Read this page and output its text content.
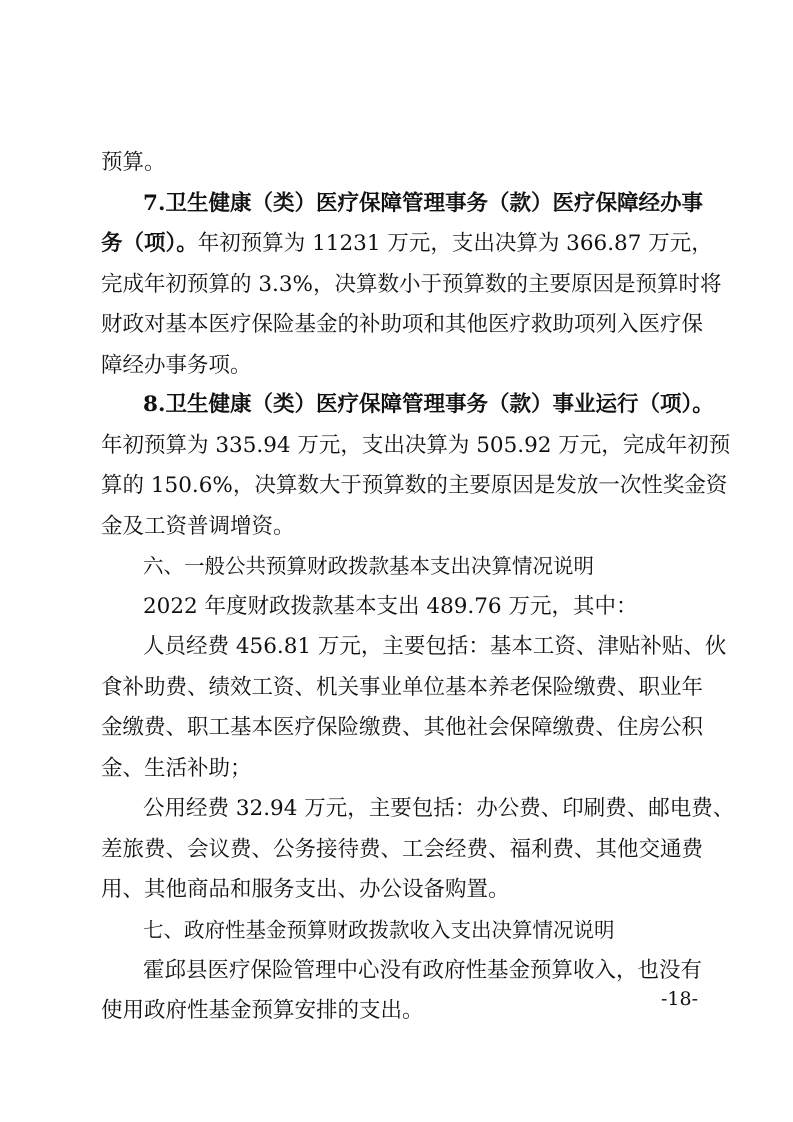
预算。
7.卫生健康（类）医疗保障管理事务（款）医疗保障经办事
务（项）。年初预算为 11231 万元，支出决算为 366.87 万元，
完成年初预算的 3.3%，决算数小于预算数的主要原因是预算时将
财政对基本医疗保险基金的补助项和其他医疗救助项列入医疗保
障经办事务项。
8.卫生健康（类）医疗保障管理事务（款）事业运行（项）。
年初预算为 335.94 万元，支出决算为 505.92 万元，完成年初预
算的 150.6%，决算数大于预算数的主要原因是发放一次性奖金资
金及工资普调增资。
六、一般公共预算财政拨款基本支出决算情况说明
2022 年度财政拨款基本支出 489.76 万元，其中：
人员经费 456.81 万元，主要包括：基本工资、津贴补贴、伙
食补助费、绩效工资、机关事业单位基本养老保险缴费、职业年
金缴费、职工基本医疗保险缴费、其他社会保障缴费、住房公积
金、生活补助；
公用经费 32.94 万元，主要包括：办公费、印刷费、邮电费、
差旅费、会议费、公务接待费、工会经费、福利费、其他交通费
用、其他商品和服务支出、办公设备购置。
七、政府性基金预算财政拨款收入支出决算情况说明
霍邱县医疗保险管理中心没有政府性基金预算收入，也没有
使用政府性基金预算安排的支出。	-18-
